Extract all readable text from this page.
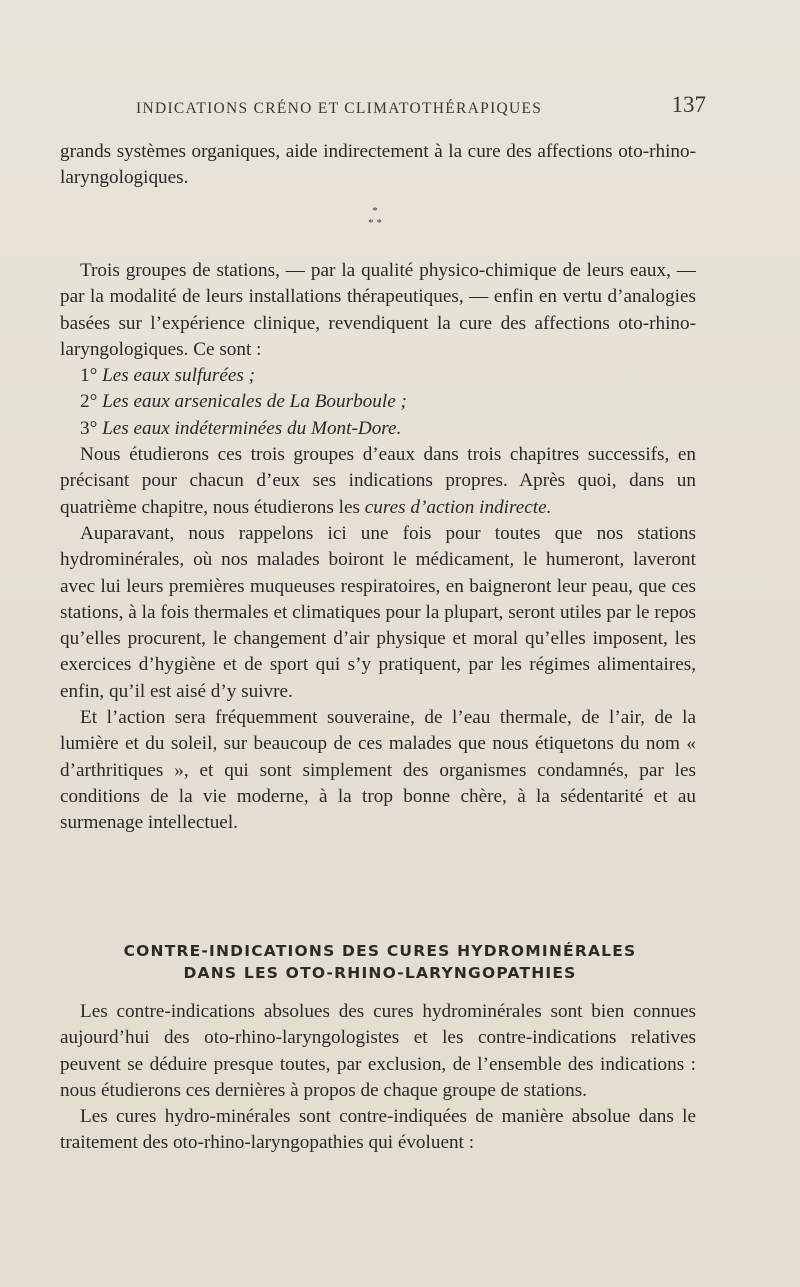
INDICATIONS CRÉNO ET CLIMATOTHÉRAPIQUES	137

grands systèmes organiques, aide indirectement à la cure des affections oto-rhino-laryngologiques.

*
* *

Trois groupes de stations, — par la qualité physico-chimique de leurs eaux, — par la modalité de leurs installations thérapeutiques, — enfin en vertu d’analogies basées sur l’expérience clinique, revendiquent la cure des affections oto-rhino-laryngologiques. Ce sont :

1° Les eaux sulfurées ;

2° Les eaux arsenicales de La Bourboule ;

3° Les eaux indéterminées du Mont-Dore.

Nous étudierons ces trois groupes d’eaux dans trois chapitres successifs, en précisant pour chacun d’eux ses indications propres. Après quoi, dans un quatrième chapitre, nous étudierons les cures d’action indirecte.

Auparavant, nous rappelons ici une fois pour toutes que nos stations hydrominérales, où nos malades boiront le médicament, le humeront, laveront avec lui leurs premières muqueuses respiratoires, en baigneront leur peau, que ces stations, à la fois thermales et climatiques pour la plupart, seront utiles par le repos qu’elles procurent, le changement d’air physique et moral qu’elles imposent, les exercices d’hygiène et de sport qui s’y pratiquent, par les régimes alimentaires, enfin, qu’il est aisé d’y suivre.

Et l’action sera fréquemment souveraine, de l’eau thermale, de l’air, de la lumière et du soleil, sur beaucoup de ces malades que nous étiquetons du nom « d’arthritiques », et qui sont simplement des organismes condamnés, par les conditions de la vie moderne, à la trop bonne chère, à la sédentarité et au surmenage intellectuel.

CONTRE-INDICATIONS DES CURES HYDROMINÉRALES
DANS LES OTO-RHINO-LARYNGOPATHIES

Les contre-indications absolues des cures hydrominérales sont bien connues aujourd’hui des oto-rhino-laryngologistes et les contre-indications relatives peuvent se déduire presque toutes, par exclusion, de l’ensemble des indications : nous étudierons ces dernières à propos de chaque groupe de stations.

Les cures hydro-minérales sont contre-indiquées de manière absolue dans le traitement des oto-rhino-laryngopathies qui évoluent :
